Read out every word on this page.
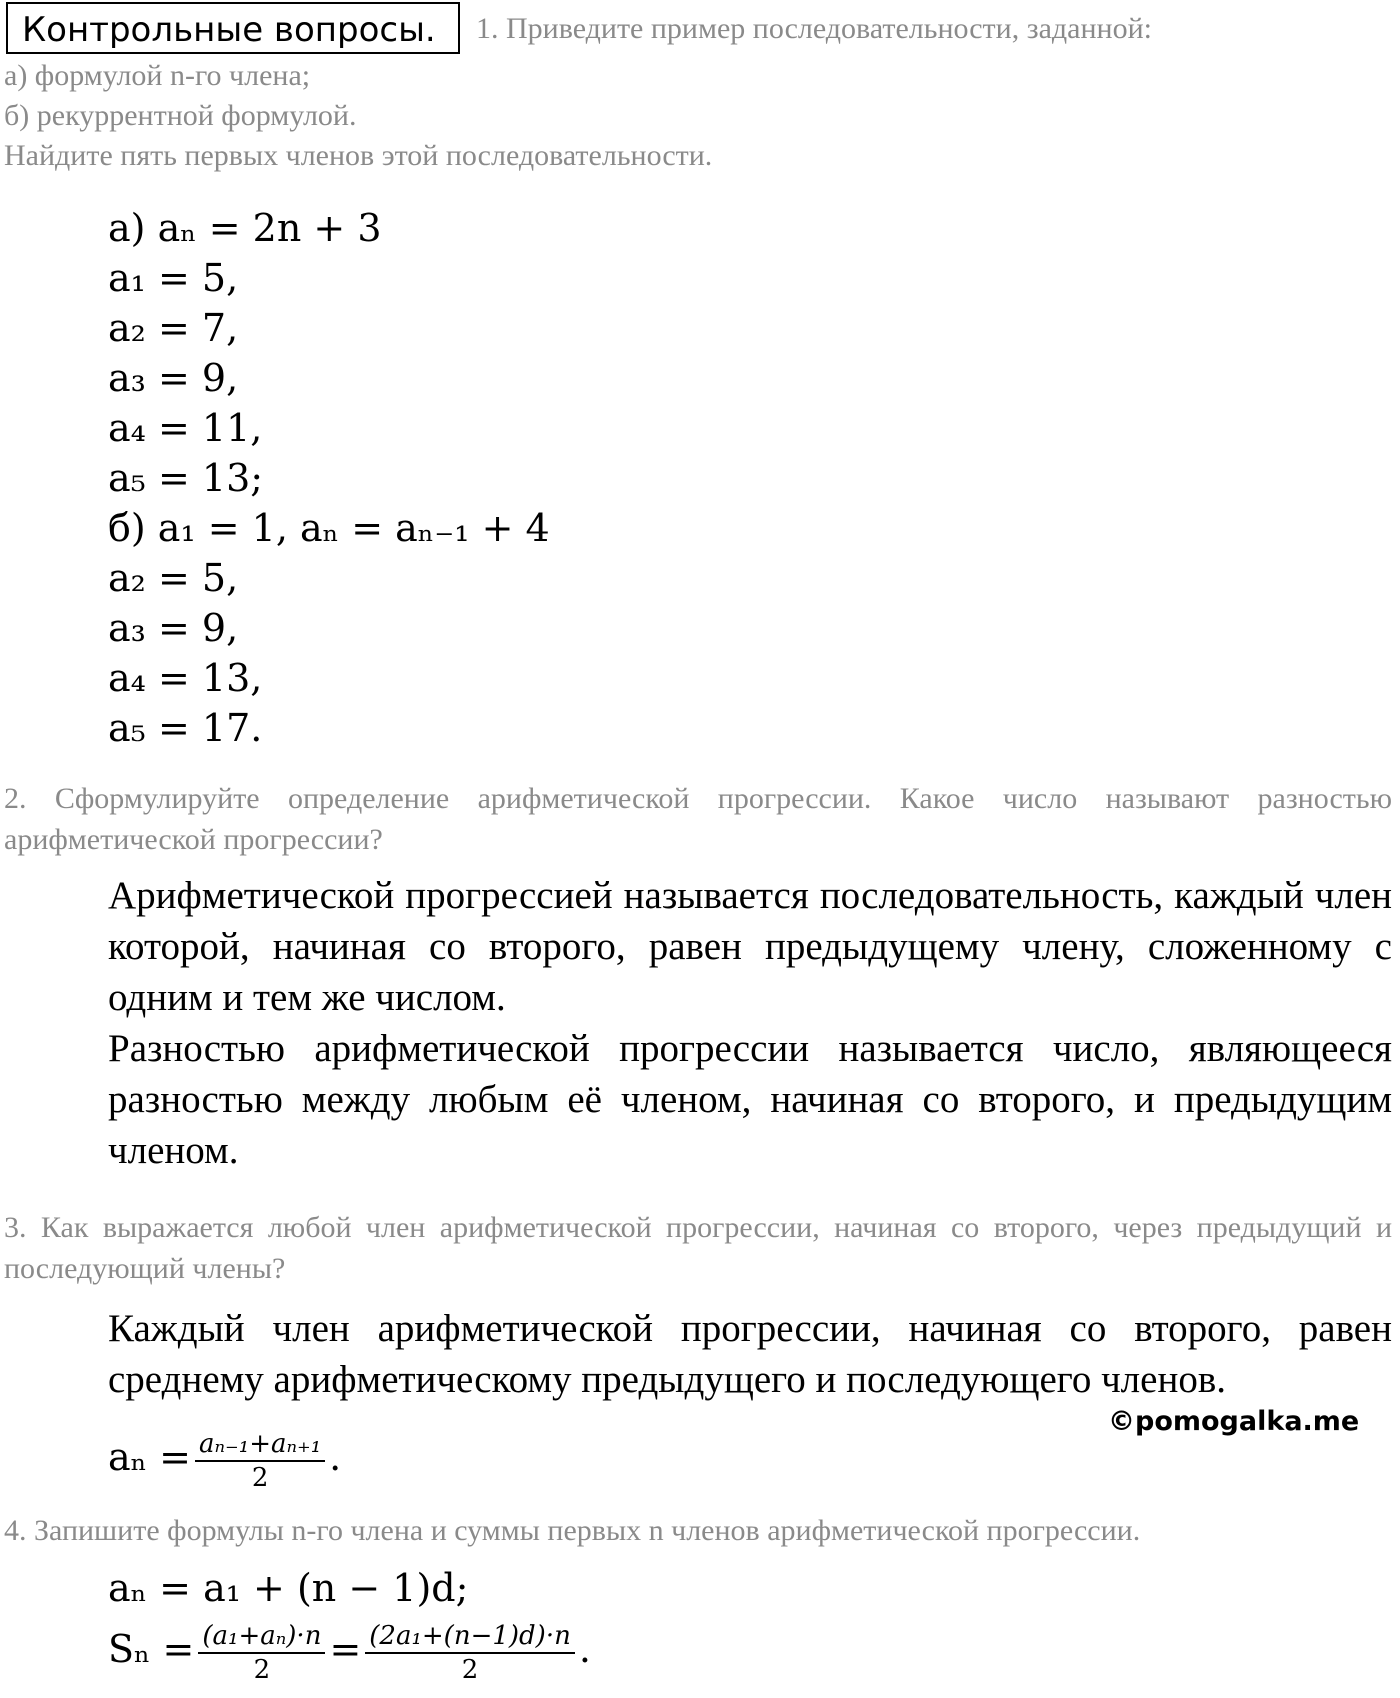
Контрольные вопросы. 1. Приведите пример последовательности, заданной:
а) формулой n-го члена;
б) рекуррентной формулой.
Найдите пять первых членов этой последовательности.
а) aₙ = 2n + 3
a₁ = 5,
a₂ = 7,
a₃ = 9,
a₄ = 11,
a₅ = 13;
б) a₁ = 1, aₙ = aₙ₋₁ + 4
a₂ = 5,
a₃ = 9,
a₄ = 13,
a₅ = 17.
2. Сформулируйте определение арифметической прогрессии. Какое число называют разностью арифметической прогрессии?

Арифметической прогрессией называется последовательность, каждый член которой, начиная со второго, равен предыдущему члену, сложенному с одним и тем же числом.

Разностью арифметической прогрессии называется число, являющееся разностью между любым её членом, начиная со второго, и предыдущим членом.

3. Как выражается любой член арифметической прогрессии, начиная со второго, через предыдущий и последующий члены?
Каждый член арифметической прогрессии, начиная со второго, равен среднему арифметическому предыдущего и последующего членов.
$a_n = \frac{\text{aₙ₋₁+aₙ₊₁}}{2}$ .
©pomogalka.me
4. Запишите формулы n-го члена и суммы первых n членов арифметической прогрессии.
aₙ = a₁ + (n − 1)d;
$S_n = \frac{\text{(a₁+aₙ)·n}}{2} = \frac{\text{(2a₁+(n−1)d)·n}}{2}$ .
